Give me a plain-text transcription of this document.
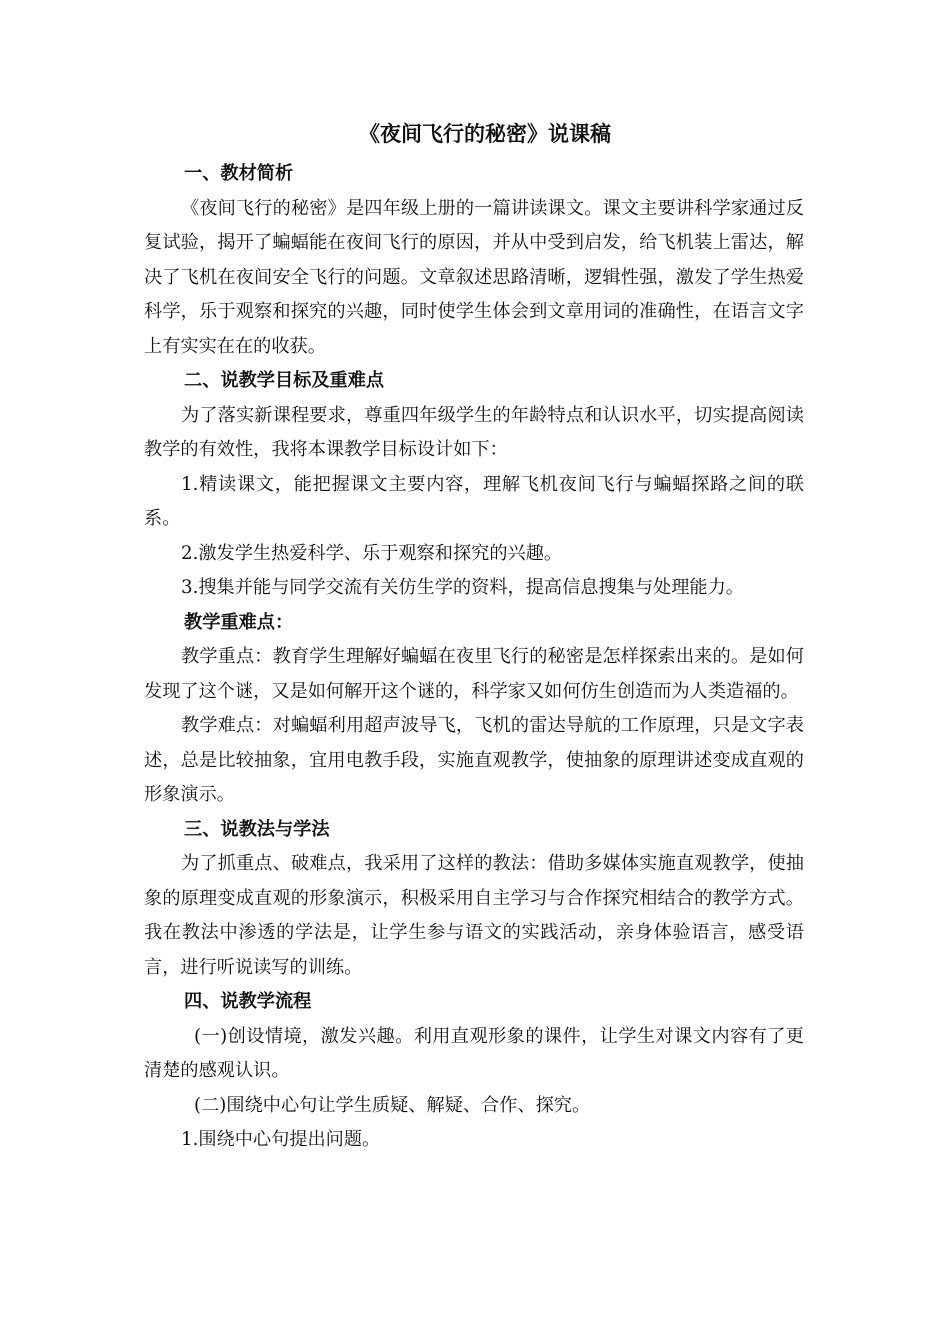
《夜间飞行的秘密》说课稿

一、教材简析

《夜间飞行的秘密》是四年级上册的一篇讲读课文。课文主要讲科学家通过反复试验，揭开了蝙蝠能在夜间飞行的原因，并从中受到启发，给飞机装上雷达，解决了飞机在夜间安全飞行的问题。文章叙述思路清晰，逻辑性强，激发了学生热爱科学，乐于观察和探究的兴趣，同时使学生体会到文章用词的准确性，在语言文字上有实实在在的收获。

二、说教学目标及重难点

为了落实新课程要求，尊重四年级学生的年龄特点和认识水平，切实提高阅读教学的有效性，我将本课教学目标设计如下：

1.精读课文，能把握课文主要内容，理解飞机夜间飞行与蝙蝠探路之间的联系。

2.激发学生热爱科学、乐于观察和探究的兴趣。

3.搜集并能与同学交流有关仿生学的资料，提高信息搜集与处理能力。

教学重难点：

教学重点：教育学生理解好蝙蝠在夜里飞行的秘密是怎样探索出来的。是如何发现了这个谜，又是如何解开这个谜的，科学家又如何仿生创造而为人类造福的。

教学难点：对蝙蝠利用超声波导飞，飞机的雷达导航的工作原理，只是文字表述，总是比较抽象，宜用电教手段，实施直观教学，使抽象的原理讲述变成直观的形象演示。

三、说教法与学法

为了抓重点、破难点，我采用了这样的教法：借助多媒体实施直观教学，使抽象的原理变成直观的形象演示，积极采用自主学习与合作探究相结合的教学方式。我在教法中渗透的学法是，让学生参与语文的实践活动，亲身体验语言，感受语言，进行听说读写的训练。

四、说教学流程

(一)创设情境，激发兴趣。利用直观形象的课件，让学生对课文内容有了更清楚的感观认识。

(二)围绕中心句让学生质疑、解疑、合作、探究。

1.围绕中心句提出问题。
